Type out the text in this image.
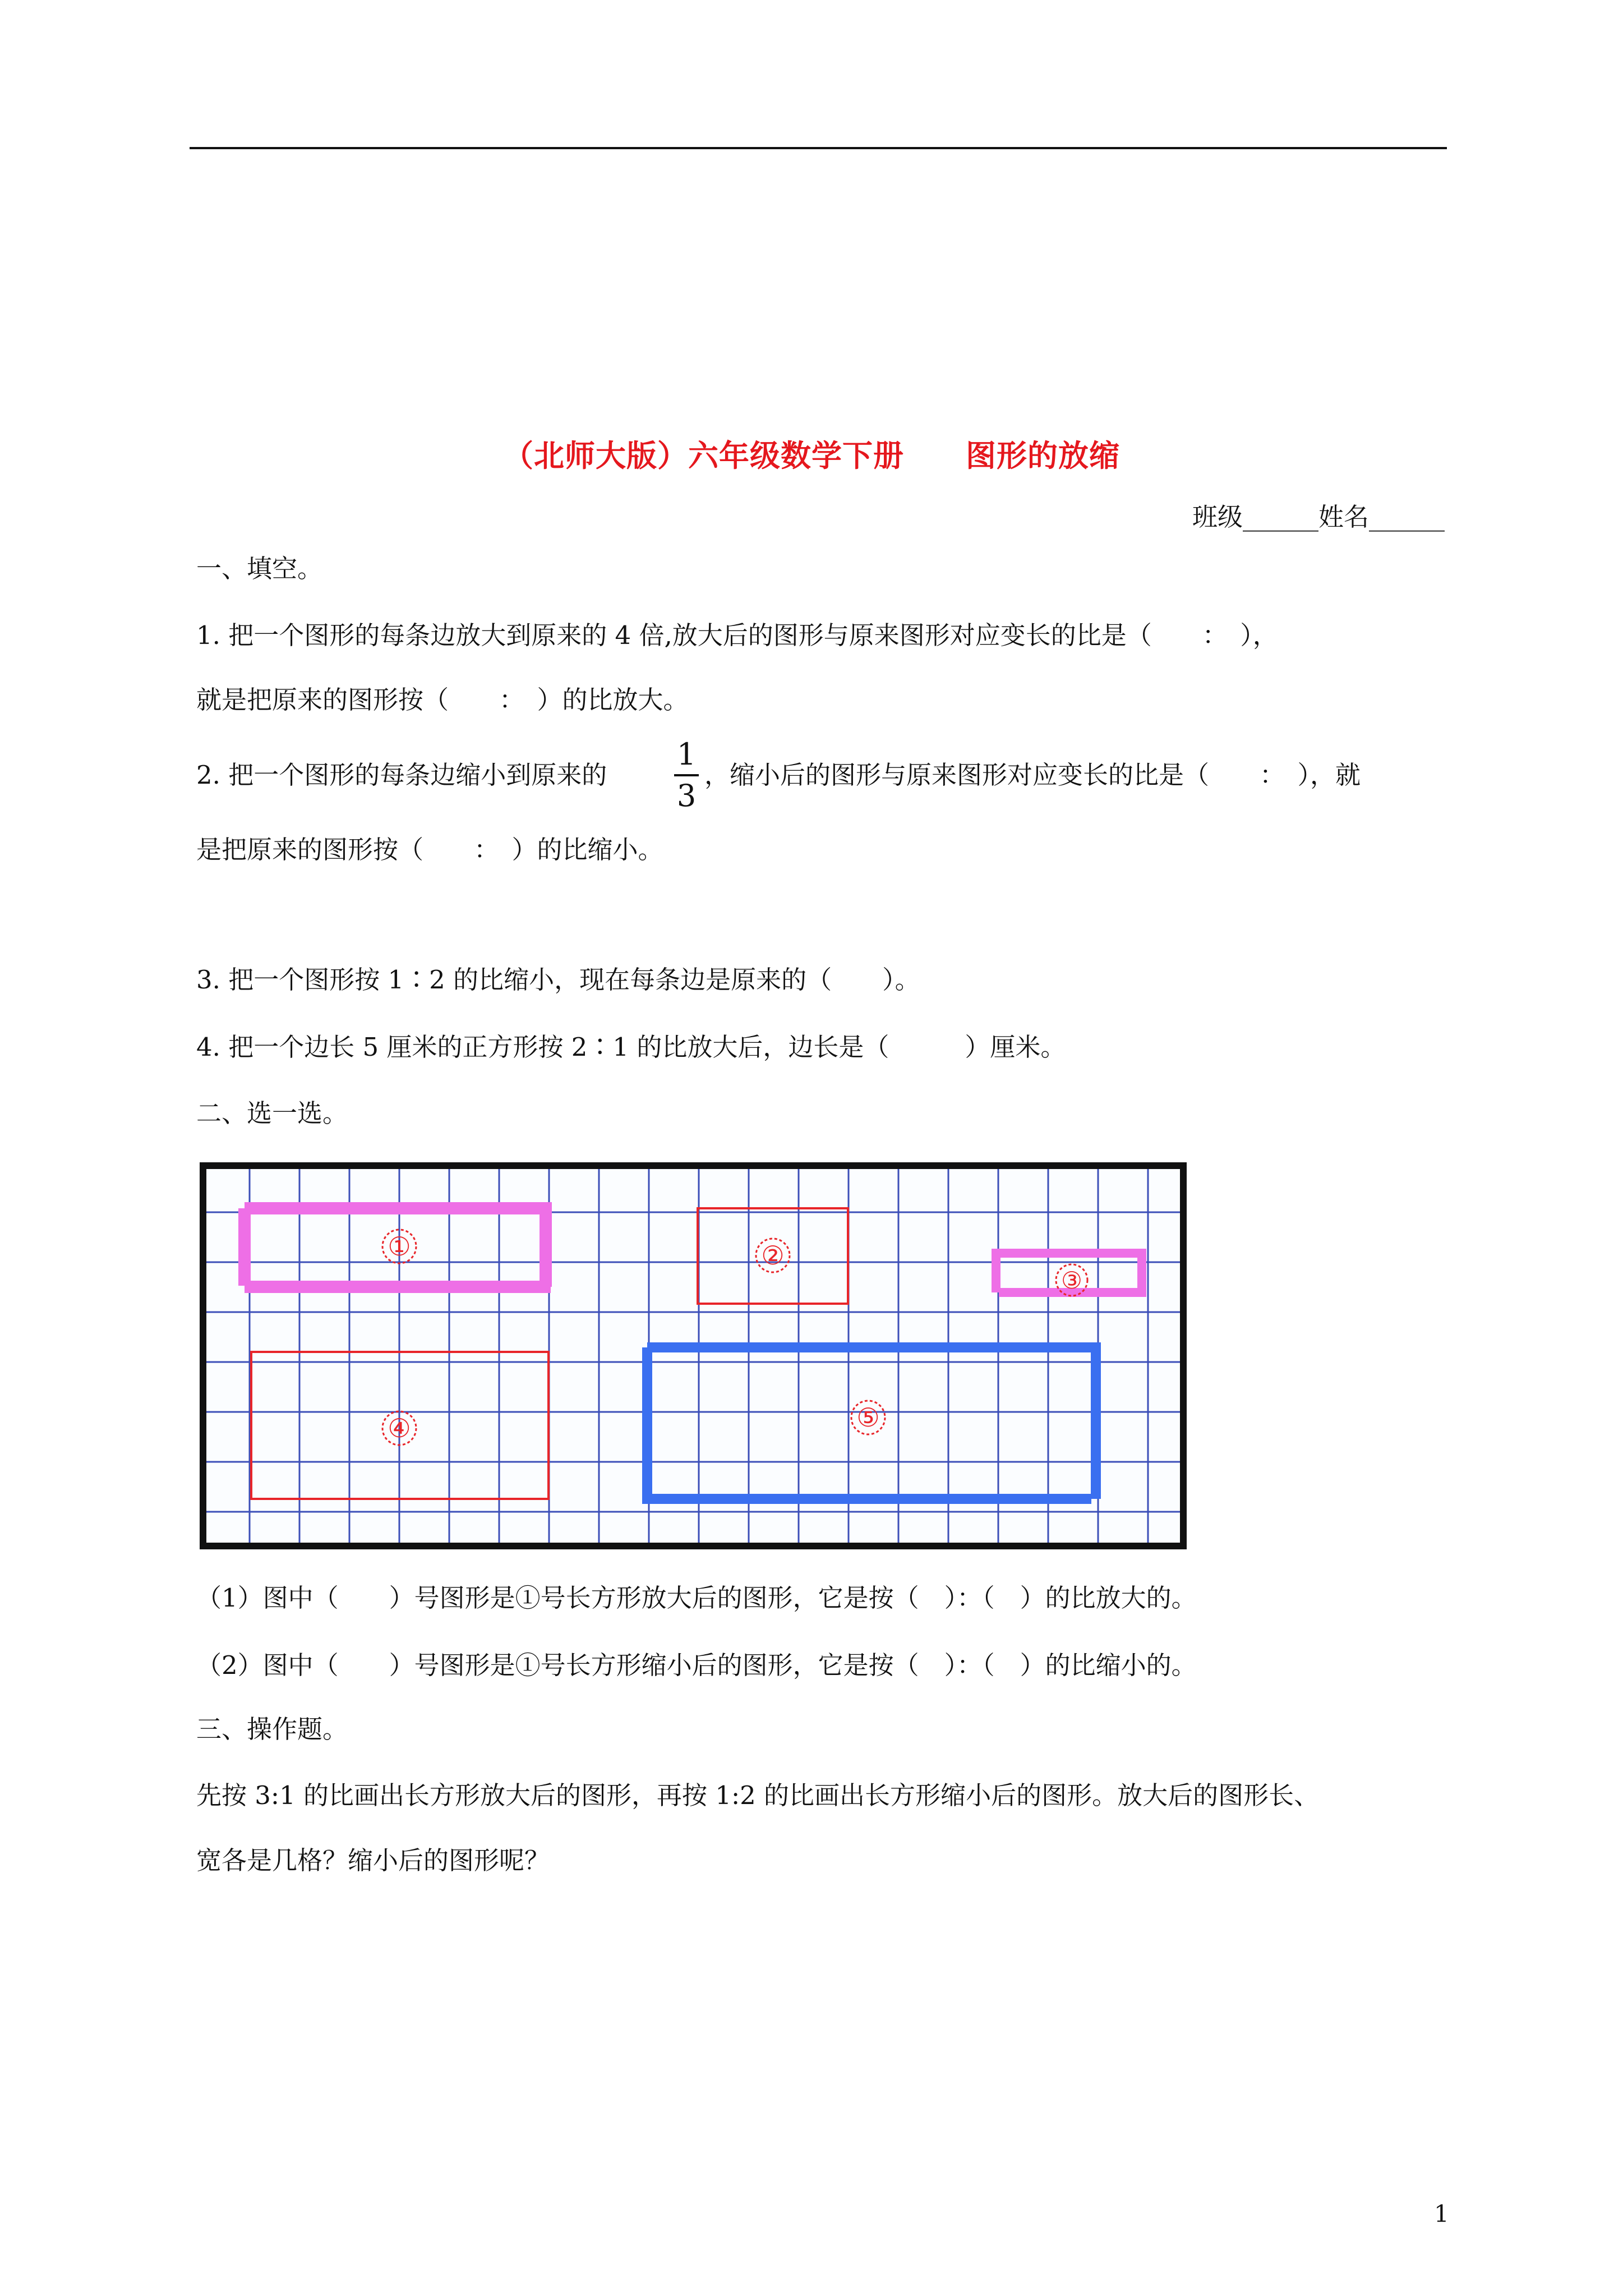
（北师大版）六年级数学下册　　图形的放缩
班级______姓名______
一、填空。
1. 把一个图形的每条边放大到原来的 4 倍,放大后的图形与原来图形对应变长的比是（　　：　），
就是把原来的图形按（　　：　）的比放大。
2. 把一个图形的每条边缩小到原来的
1
3
，缩小后的图形与原来图形对应变长的比是（　　：　），就
是把原来的图形按（　　：　）的比缩小。
3. 把一个图形按 1∶2 的比缩小，现在每条边是原来的（　　）。
4. 把一个边长 5 厘米的正方形按 2∶1 的比放大后，边长是（　　　）厘米。
二、选一选。
①	②
③
④	⑤
（1）图中（　　）号图形是①号长方形放大后的图形，它是按（　）：（　）的比放大的。
（2）图中（　　）号图形是①号长方形缩小后的图形，它是按（　）：（　）的比缩小的。
三、操作题。
先按 3:1 的比画出长方形放大后的图形，再按 1:2 的比画出长方形缩小后的图形。放大后的图形长、
宽各是几格？缩小后的图形呢？
1
